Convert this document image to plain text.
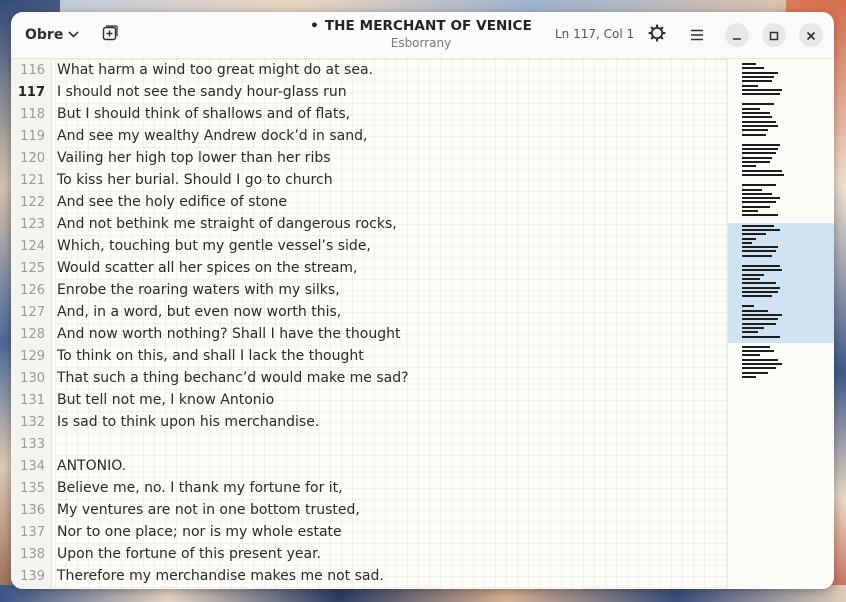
Obre
• THE MERCHANT OF VENICE
Esborrany
Ln 117, Col 1
116 What harm a wind too great might do at sea.
117 I should not see the sandy hour-glass run
118 But I should think of shallows and of flats,
119 And see my wealthy Andrew dock’d in sand,
120 Vailing her high top lower than her ribs
121 To kiss her burial. Should I go to church
122 And see the holy edifice of stone
123 And not bethink me straight of dangerous rocks,
124 Which, touching but my gentle vessel’s side,
125 Would scatter all her spices on the stream,
126 Enrobe the roaring waters with my silks,
127 And, in a word, but even now worth this,
128 And now worth nothing? Shall I have the thought
129 To think on this, and shall I lack the thought
130 That such a thing bechanc’d would make me sad?
131 But tell not me, I know Antonio
132 Is sad to think upon his merchandise.
133
134 ANTONIO.
135 Believe me, no. I thank my fortune for it,
136 My ventures are not in one bottom trusted,
137 Nor to one place; nor is my whole estate
138 Upon the fortune of this present year.
139 Therefore my merchandise makes me not sad.
